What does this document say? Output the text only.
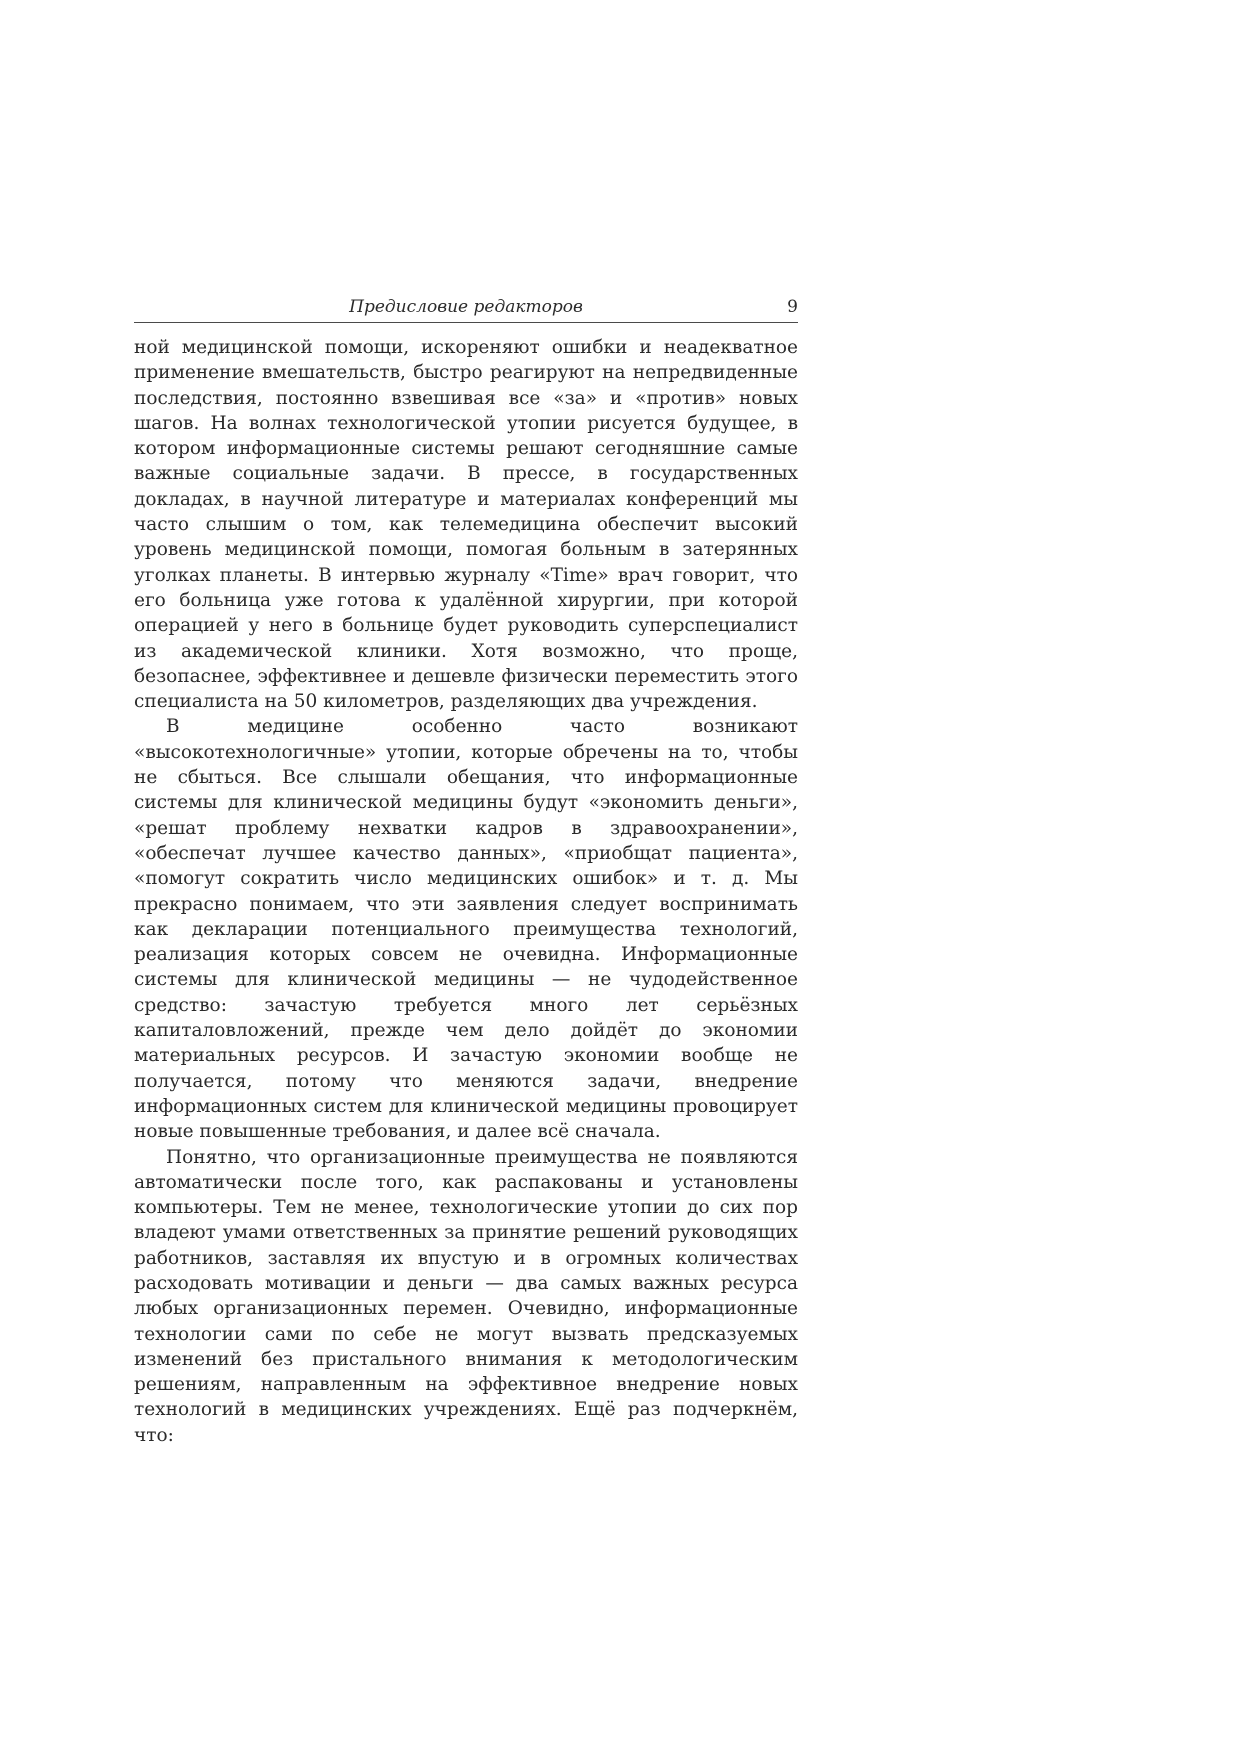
Предисловие редакторов	9

ной медицинской помощи, искореняют ошибки и неадекватное применение вмешательств, быстро реагируют на непредвиденные последствия, постоянно взвешивая все «за» и «против» новых шагов. На волнах технологической утопии рисуется будущее, в котором информационные системы решают сегодняшние самые важные социальные задачи. В прессе, в государственных докладах, в научной литературе и материалах конференций мы часто слышим о том, как телемедицина обеспечит высокий уровень медицинской помощи, помогая больным в затерянных уголках планеты. В интервью журналу «Time» врач говорит, что его больница уже готова к удалённой хирургии, при которой операцией у него в больнице будет руководить суперспециалист из академической клиники. Хотя возможно, что проще, безопаснее, эффективнее и дешевле физически переместить этого специалиста на 50 километров, разделяющих два учреждения.

В медицине особенно часто возникают «высокотехнологичные» утопии, которые обречены на то, чтобы не сбыться. Все слышали обещания, что информационные системы для клинической медицины будут «экономить деньги», «решат проблему нехватки кадров в здравоохранении», «обеспечат лучшее качество данных», «приобщат пациента», «помогут сократить число медицинских ошибок» и т. д. Мы прекрасно понимаем, что эти заявления следует воспринимать как декларации потенциального преимущества технологий, реализация которых совсем не очевидна. Информационные системы для клинической медицины — не чудодейственное средство: зачастую требуется много лет серьёзных капиталовложений, прежде чем дело дойдёт до экономии материальных ресурсов. И зачастую экономии вообще не получается, потому что меняются задачи, внедрение информационных систем для клинической медицины провоцирует новые повышенные требования, и далее всё сначала.

Понятно, что организационные преимущества не появляются автоматически после того, как распакованы и установлены компьютеры. Тем не менее, технологические утопии до сих пор владеют умами ответственных за принятие решений руководящих работников, заставляя их впустую и в огромных количествах расходовать мотивации и деньги — два самых важных ресурса любых организационных перемен. Очевидно, информационные технологии сами по себе не могут вызвать предсказуемых изменений без пристального внимания к методологическим решениям, направленным на эффективное внедрение новых технологий в медицинских учреждениях. Ещё раз подчеркнём, что:
